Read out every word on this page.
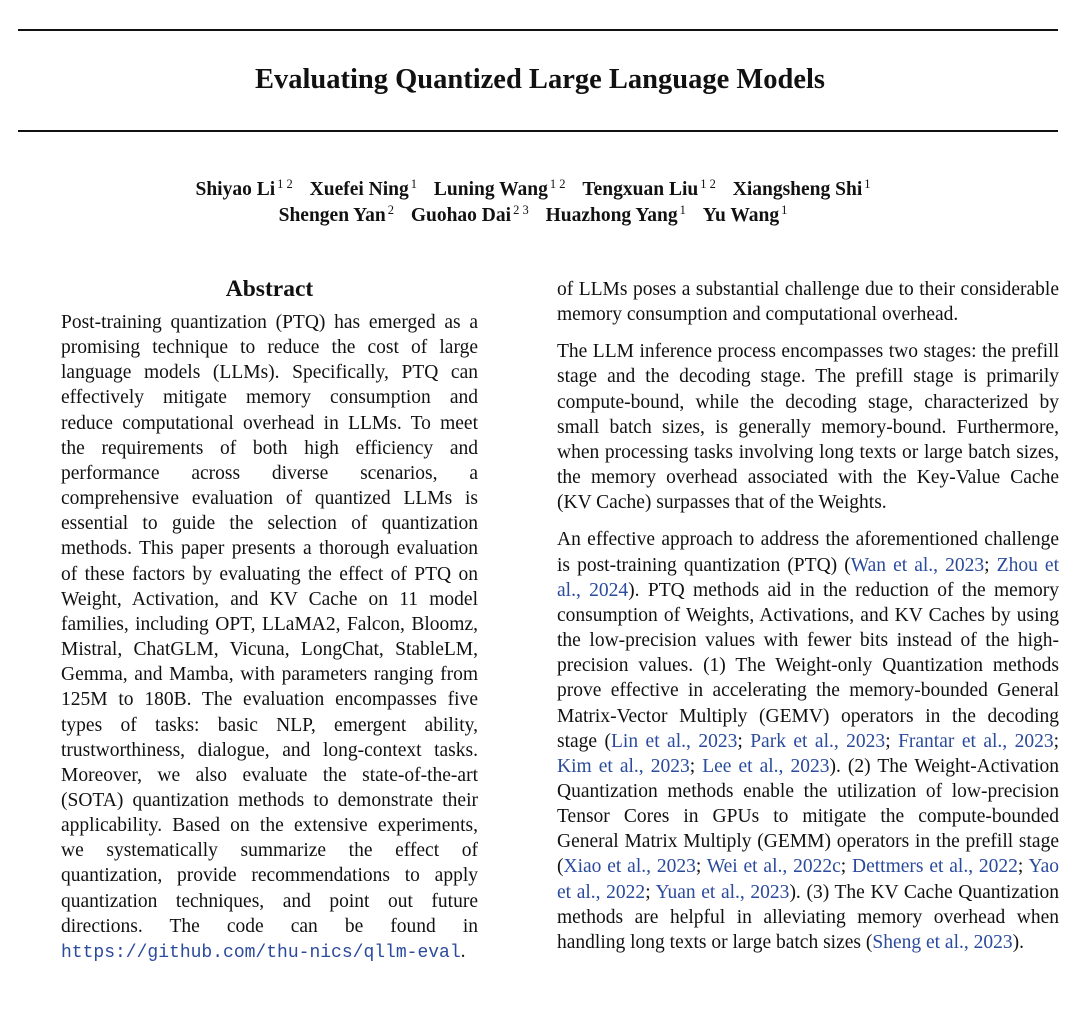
Evaluating Quantized Large Language Models
Shiyao Li $^{1 2}$ Xuefei Ning $^1$ Luning Wang $^{1 2}$ Tengxuan Liu $^{1 2}$ Xiangsheng Shi $^1$
Shengen Yan $^2$ Guohao Dai $^{2 3}$ Huazhong Yang $^1$ Yu Wang $^1$
Abstract

Post-training quantization (PTQ) has emerged as a promising technique to reduce the cost of large language models (LLMs). Specifically, PTQ can effectively mitigate memory consumption and reduce computational overhead in LLMs. To meet the requirements of both high efficiency and performance across diverse scenarios, a comprehensive evaluation of quantized LLMs is essential to guide the selection of quantization methods. This paper presents a thorough evaluation of these factors by evaluating the effect of PTQ on Weight, Activation, and KV Cache on 11 model families, including OPT, LLaMA2, Falcon, Bloomz, Mistral, ChatGLM, Vicuna, LongChat, StableLM, Gemma, and Mamba, with parameters ranging from 125M to 180B. The evaluation encompasses five types of tasks: basic NLP, emergent ability, trustworthiness, dialogue, and long-context tasks. Moreover, we also evaluate the state-of-the-art (SOTA) quantization methods to demonstrate their applicability. Based on the extensive experiments, we systematically summarize the effect of quantization, provide recommendations to apply quantization techniques, and point out future directions. The code can be found in https://github.com/thu-nics/qllm-eval.

of LLMs poses a substantial challenge due to their considerable memory consumption and computational overhead.

The LLM inference process encompasses two stages: the prefill stage and the decoding stage. The prefill stage is primarily compute-bound, while the decoding stage, characterized by small batch sizes, is generally memory-bound. Furthermore, when processing tasks involving long texts or large batch sizes, the memory overhead associated with the Key-Value Cache (KV Cache) surpasses that of the Weights.

An effective approach to address the aforementioned challenge is post-training quantization (PTQ) (Wan et al., 2023; Zhou et al., 2024). PTQ methods aid in the reduction of the memory consumption of Weights, Activations, and KV Caches by using the low-precision values with fewer bits instead of the high-precision values. (1) The Weight-only Quantization methods prove effective in accelerating the memory-bounded General Matrix-Vector Multiply (GEMV) operators in the decoding stage (Lin et al., 2023; Park et al., 2023; Frantar et al., 2023; Kim et al., 2023; Lee et al., 2023). (2) The Weight-Activation Quantization methods enable the utilization of low-precision Tensor Cores in GPUs to mitigate the compute-bounded General Matrix Multiply (GEMM) operators in the prefill stage (Xiao et al., 2023; Wei et al., 2022c; Dettmers et al., 2022; Yao et al., 2022; Yuan et al., 2023). (3) The KV Cache Quantization methods are helpful in alleviating memory overhead when handling long texts or large batch sizes (Sheng et al., 2023).
